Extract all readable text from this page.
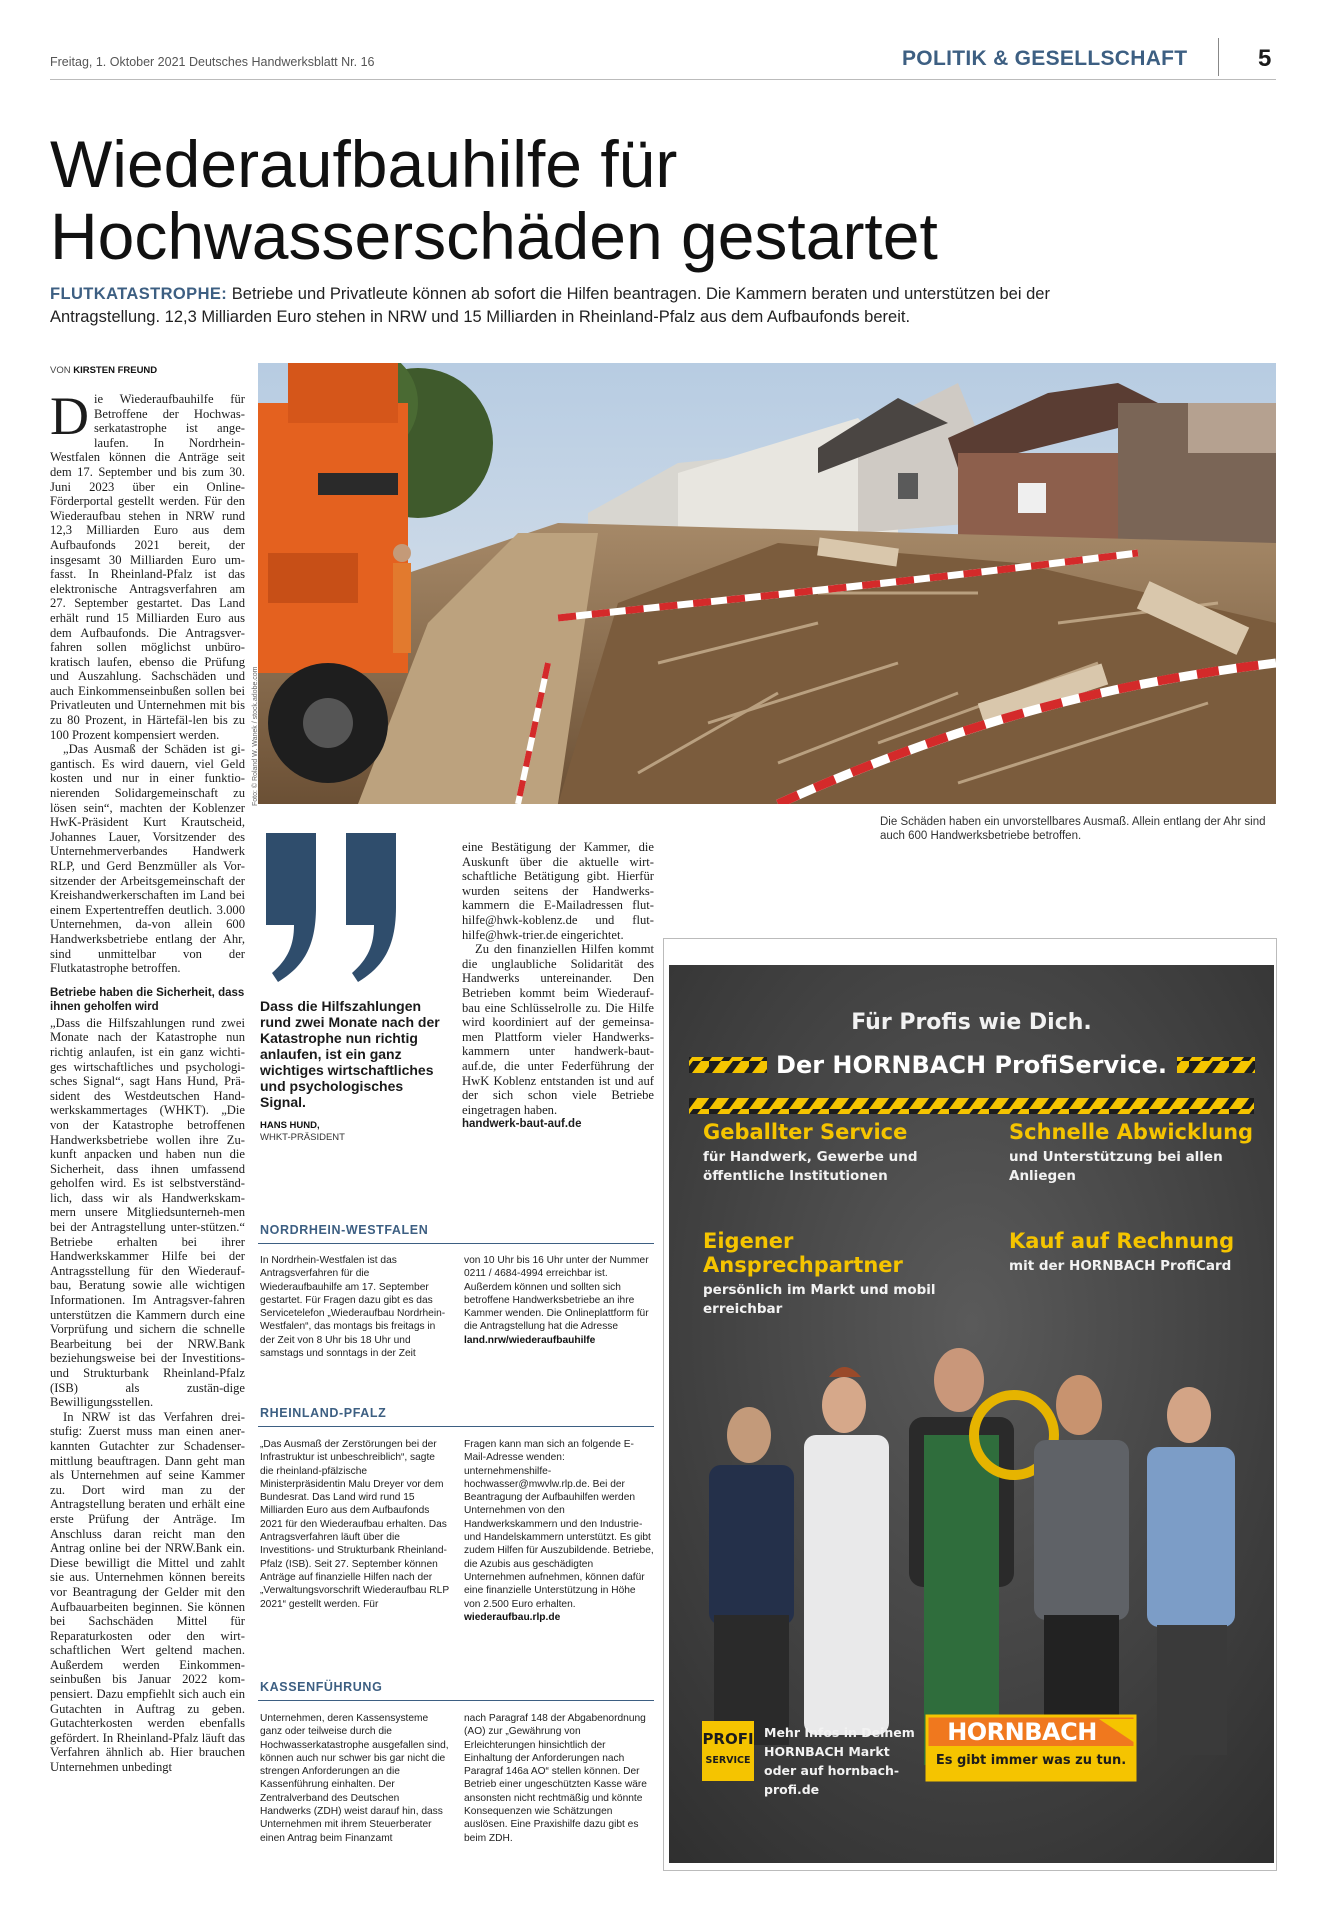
Freitag, 1. Oktober 2021 Deutsches Handwerksblatt Nr. 16	POLITIK & GESELLSCHAFT	5
Wiederaufbauhilfe für
Hochwasserschäden gestartet
FLUTKATASTROPHE: Betriebe und Privatleute können ab sofort die Hilfen beantragen. Die Kammern beraten und unterstützen bei der Antragstellung. 12,3 Milliarden Euro stehen in NRW und 15 Milliarden in Rheinland-Pfalz aus dem Aufbaufonds bereit.
VON KIRSTEN FREUND

Die Wiederaufbauhilfe für Betroffene der Hochwas-serkatastrophe ist ange-laufen. In Nordrhein-Westfalen können die Anträge seit dem 17. September und bis zum 30. Juni 2023 über ein Online-Förderportal gestellt werden. Für den Wiederaufbau stehen in NRW rund 12,3 Milliarden Euro aus dem Aufbaufonds 2021 bereit, der insgesamt 30 Milliarden Euro um-fasst. In Rheinland-Pfalz ist das elektronische Antragsverfahren am 27. September gestartet. Das Land erhält rund 15 Milliarden Euro aus dem Aufbaufonds. Die Antragsver-fahren sollen möglichst unbüro-kratisch laufen, ebenso die Prüfung und Auszahlung. Sachschäden und auch Einkommenseinbußen sollen bei Privatleuten und Unternehmen mit bis zu 80 Prozent, in Härtefäl-len bis zu 100 Prozent kompensiert werden.

„Das Ausmaß der Schäden ist gi-gantisch. Es wird dauern, viel Geld kosten und nur in einer funktio-nierenden Solidargemeinschaft zu lösen sein“, machten der Koblenzer HwK-Präsident Kurt Krautscheid, Johannes Lauer, Vorsitzender des Unternehmerverbandes Handwerk RLP, und Gerd Benzmüller als Vor-sitzender der Arbeitsgemeinschaft der Kreishandwerkerschaften im Land bei einem Expertentreffen deutlich. 3.000 Unternehmen, da-von allein 600 Handwerksbetriebe entlang der Ahr, sind unmittelbar von der Flutkatastrophe betroffen.

Betriebe haben die Sicherheit, dass ihnen geholfen wird

„Dass die Hilfszahlungen rund zwei Monate nach der Katastrophe nun richtig anlaufen, ist ein ganz wichti-ges wirtschaftliches und psychologi-sches Signal“, sagt Hans Hund, Prä-sident des Westdeutschen Hand-werkskammertages (WHKT). „Die von der Katastrophe betroffenen Handwerksbetriebe wollen ihre Zu-kunft anpacken und haben nun die Sicherheit, dass ihnen umfassend geholfen wird. Es ist selbstverständ-lich, dass wir als Handwerkskam-mern unsere Mitgliedsunterneh-men bei der Antragstellung unter-stützen.“ Betriebe erhalten bei ihrer Handwerkskammer Hilfe bei der Antragsstellung für den Wiederauf-bau, Beratung sowie alle wichtigen Informationen. Im Antragsver-fahren unterstützen die Kammern durch eine Vorprüfung und sichern die schnelle Bearbeitung bei der NRW.Bank beziehungsweise bei der Investitions- und Strukturbank Rheinland-Pfalz (ISB) als zustän-dige Bewilligungsstellen.

In NRW ist das Verfahren drei-stufig: Zuerst muss man einen aner-kannten Gutachter zur Schadenser-mittlung beauftragen. Dann geht man als Unternehmen auf seine Kammer zu. Dort wird man zu der Antragstellung beraten und erhält eine erste Prüfung der Anträge. Im Anschluss daran reicht man den Antrag online bei der NRW.Bank ein. Diese bewilligt die Mittel und zahlt sie aus. Unternehmen können bereits vor Beantragung der Gelder mit den Aufbauarbeiten beginnen. Sie können bei Sachschäden Mittel für Reparaturkosten oder den wirt-schaftlichen Wert geltend machen. Außerdem werden Einkommen-seinbußen bis Januar 2022 kom-pensiert. Dazu empfiehlt sich auch ein Gutachten in Auftrag zu geben. Gutachterkosten werden ebenfalls gefördert. In Rheinland-Pfalz läuft das Verfahren ähnlich ab. Hier brauchen Unternehmen unbedingt

Foto: © Roland W. Wanek / stock.adobe.com
Die Schäden haben ein unvorstellbares Ausmaß. Allein entlang der Ahr sind auch 600 Handwerksbetriebe betroffen.
Dass die Hilfszahlungen rund zwei Monate nach der Katastrophe nun richtig anlaufen, ist ein ganz wichtiges wirtschaftliches und psychologisches Signal.
HANS HUND,
WHKT-PRÄSIDENT

eine Bestätigung der Kammer, die Auskunft über die aktuelle wirt-schaftliche Betätigung gibt. Hierfür wurden seitens der Handwerks-kammern die E-Mailadressen flut-hilfe@hwk-koblenz.de und flut-hilfe@hwk-trier.de eingerichtet.

Zu den finanziellen Hilfen kommt die unglaubliche Solidarität des Handwerks untereinander. Den Betrieben kommt beim Wiederauf-bau eine Schlüsselrolle zu. Die Hilfe wird koordiniert auf der gemeinsa-men Plattform vieler Handwerks-kammern unter handwerk-baut-auf.de, die unter Federführung der HwK Koblenz entstanden ist und auf der sich schon viele Betriebe eingetragen haben.

handwerk-baut-auf.de

NORDRHEIN-WESTFALEN
In Nordrhein-Westfalen ist das Antragsverfahren für die Wiederaufbauhilfe am 17. September gestartet. Für Fragen dazu gibt es das Servicetelefon „Wiederaufbau Nordrhein-Westfalen“, das montags bis freitags in der Zeit von 8 Uhr bis 18 Uhr und samstags und sonntags in der Zeit
von 10 Uhr bis 16 Uhr unter der Nummer 0211 / 4684-4994 erreichbar ist. Außerdem können und sollten sich betroffene Handwerksbetriebe an ihre Kammer wenden. Die Onlineplattform für die Antragstellung hat die Adresse
land.nrw/wiederaufbauhilfe
RHEINLAND-PFALZ
„Das Ausmaß der Zerstörungen bei der Infrastruktur ist unbeschreiblich“, sagte die rheinland-pfälzische Ministerpräsidentin Malu Dreyer vor dem Bundesrat. Das Land wird rund 15 Milliarden Euro aus dem Aufbaufonds 2021 für den Wiederaufbau erhalten. Das Antragsverfahren läuft über die Investitions- und Strukturbank Rheinland-Pfalz (ISB). Seit 27. September können Anträge auf finanzielle Hilfen nach der „Verwaltungsvorschrift Wiederaufbau RLP 2021“ gestellt werden. Für
Fragen kann man sich an folgende E-Mail-Adresse wenden: unternehmenshilfe-hochwasser@mwvlw.rlp.de. Bei der Beantragung der Aufbauhilfen werden Unternehmen von den Handwerkskammern und den Industrie- und Handelskammern unterstützt. Es gibt zudem Hilfen für Auszubildende. Betriebe, die Azubis aus geschädigten Unternehmen aufnehmen, können dafür eine finanzielle Unterstützung in Höhe von 2.500 Euro erhalten.
wiederaufbau.rlp.de
KASSENFÜHRUNG
Unternehmen, deren Kassensysteme ganz oder teilweise durch die Hochwasserkatastrophe ausgefallen sind, können auch nur schwer bis gar nicht die strengen Anforderungen an die Kassenführung einhalten. Der Zentralverband des Deutschen Handwerks (ZDH) weist darauf hin, dass Unternehmen mit ihrem Steuerberater einen Antrag beim Finanzamt
nach Paragraf 148 der Abgabenordnung (AO) zur „Gewährung von Erleichterungen hinsichtlich der Einhaltung der Anforderungen nach Paragraf 146a AO“ stellen können. Der Betrieb einer ungeschützten Kasse wäre ansonsten nicht rechtmäßig und könnte Konsequenzen wie Schätzungen auslösen. Eine Praxishilfe dazu gibt es beim ZDH.
Für Profis wie Dich.
Der HORNBACH ProfiService.
Geballter Service
für Handwerk, Gewerbe und öffentliche Institutionen
Schnelle Abwicklung
und Unterstützung bei allen Anliegen
Eigener Ansprechpartner
persönlich im Markt und mobil erreichbar
Kauf auf Rechnung
mit der HORNBACH ProfiCard
PROFI
SERVICE
Mehr Infos in Deinem
HORNBACH Markt
oder auf hornbach-profi.de
HORNBACH
Es gibt immer was zu tun.
